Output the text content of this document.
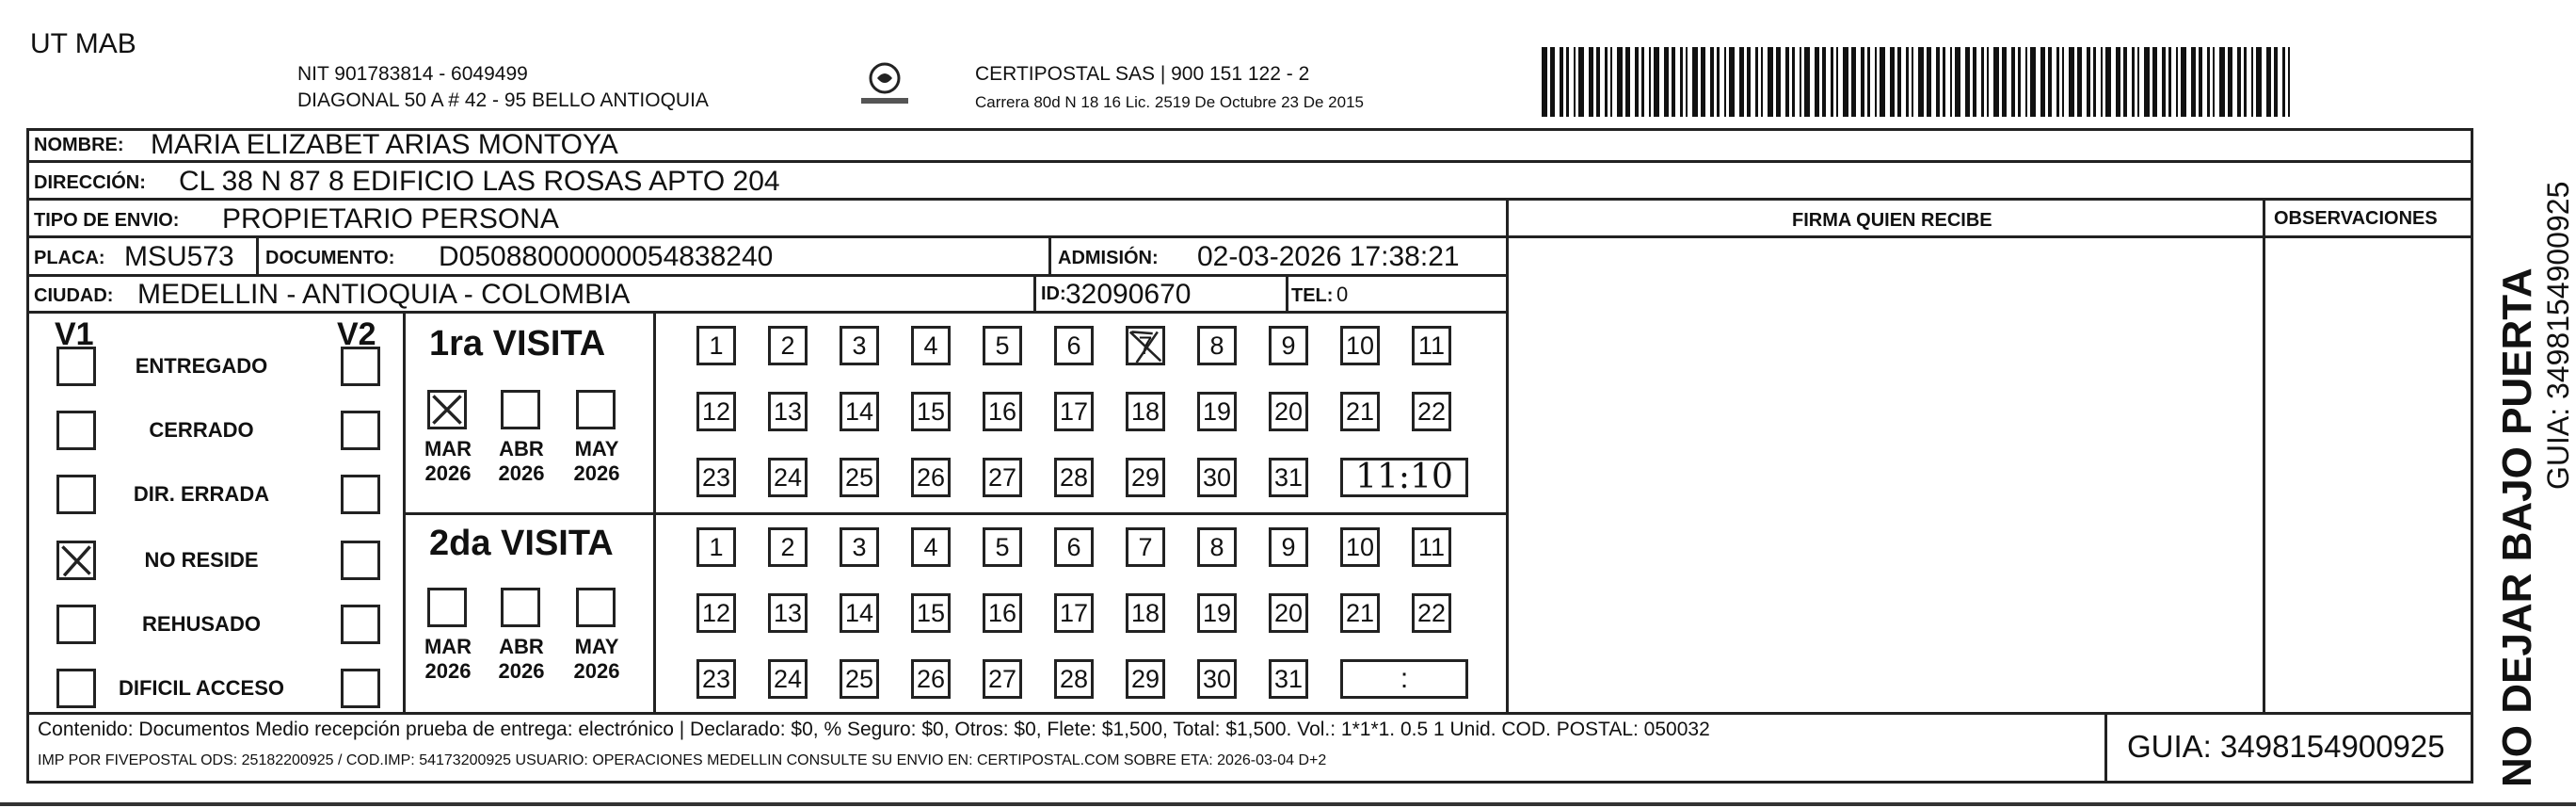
UT MAB
NIT 901783814 - 6049499
DIAGONAL 50 A # 42 - 95 BELLO ANTIOQUIA
CERTIPOSTAL SAS | 900 151 122 - 2
Carrera 80d N 18 16 Lic. 2519 De Octubre 23 De 2015
NOMBRE: MARIA ELIZABET ARIAS MONTOYA
DIRECCIÓN: CL 38 N 87 8 EDIFICIO LAS ROSAS APTO 204
TIPO DE ENVIO: PROPIETARIO PERSONA	FIRMA QUIEN RECIBE	OBSERVACIONES
PLACA: MSU573 DOCUMENTO: D050880000000548382​40	ADMISIÓN: 02-03-2026 17:38:21
CIUDAD: MEDELLIN - ANTIOQUIA - COLOMBIA	ID: 32090670	TEL: 0
V1	V2
ENTREGADO
CERRADO
DIR. ERRADA
NO RESIDE
REHUSADO
DIFICIL ACCESO
1ra VISITA
2da VISITA
MAR
2026
ABR
2026
MAY
2026
MAR
2026
ABR
2026
MAY
2026
1	2	3	4	5	6	7	8	9	10 11
12 13 14 15 16 17 18 19 20 21 22
23 24 25 26 27 28 29 30 31	11:10
1	2	3	4	5	6	7	8	9	10 11
12 13 14 15 16 17 18 19 20 21 22
23 24 25 26 27 28 29 30 31	:
Contenido: Documentos Medio recepción prueba de entrega: electrónico | Declarado: $0, % Seguro: $0, Otros: $0, Flete: $1,500, Total: $1,500. Vol.: 1*1*1. 0.5 1 Unid. COD. POSTAL: 050032
IMP POR FIVEPOSTAL ODS: 25182200925 / COD.IMP: 54173200925 USUARIO: OPERACIONES MEDELLIN CONSULTE SU ENVIO EN: CERTIPOSTAL.COM SOBRE ETA: 2026-03-04 D+2	GUIA: 3498154900925 NO DEJAR BAJO PUERTA GUIA: 3498154900925
